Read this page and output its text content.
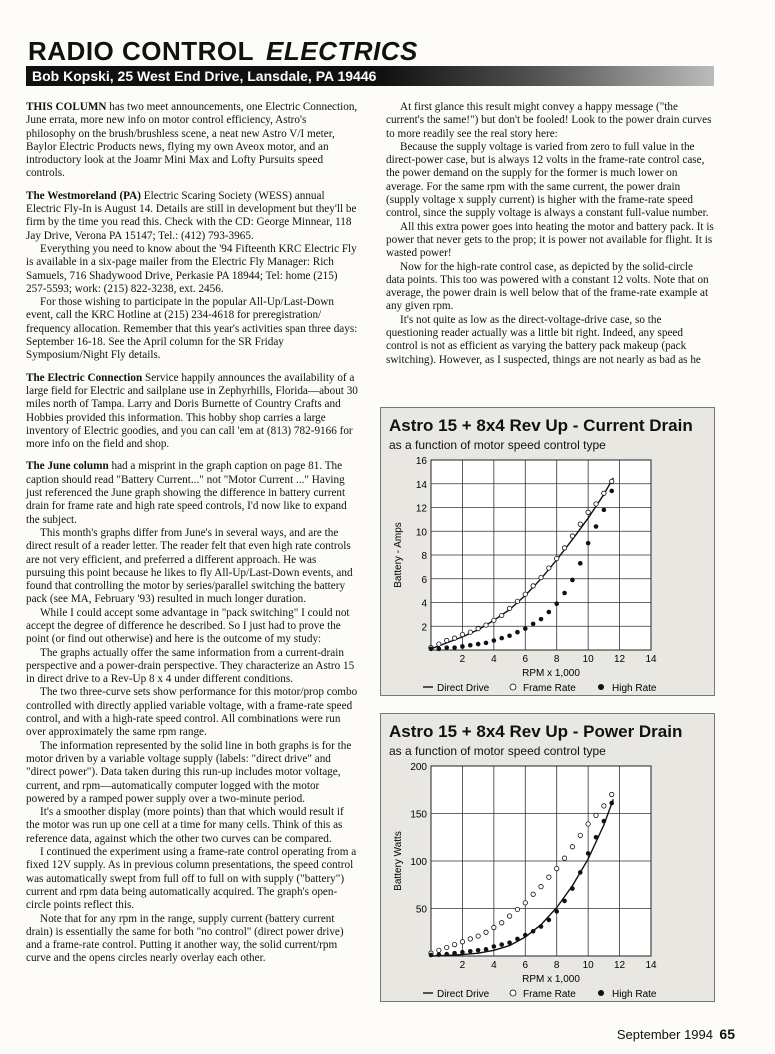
RADIO CONTROL ELECTRICS
Bob Kopski, 25 West End Drive, Lansdale, PA 19446

THIS COLUMN has two meet announcements, one Electric Connection, June errata, more new info on motor control efficiency, Astro's philosophy on the brush/brushless scene, a neat new Astro V/I meter, Baylor Electric Products news, flying my own Aveox motor, and an introductory look at the Joamr Mini Max and Lofty Pursuits speed controls.

The Westmoreland (PA) Electric Scaring Society (WESS) annual Electric Fly-In is August 14. Details are still in development but they'll be firm by the time you read this. Check with the CD: George Minnear, 118 Jay Drive, Verona PA 15147; Tel.: (412) 793-3965.

Everything you need to know about the '94 Fifteenth KRC Electric Fly is available in a six-page mailer from the Electric Fly Manager: Rich Samuels, 716 Shadywood Drive, Perkasie PA 18944; Tel: home (215) 257-5593; work: (215) 822-3238, ext. 2456.

For those wishing to participate in the popular All-Up/Last-Down event, call the KRC Hotline at (215) 234-4618 for preregistration/ frequency allocation. Remember that this year's activities span three days: September 16-18. See the April column for the SR Friday Symposium/Night Fly details.

The Electric Connection Service happily announces the availability of a large field for Electric and sailplane use in Zephyrhills, Florida—about 30 miles north of Tampa. Larry and Doris Burnette of Country Crafts and Hobbies provided this information. This hobby shop carries a large inventory of Electric goodies, and you can call 'em at (813) 782-9166 for more info on the field and shop.

The June column had a misprint in the graph caption on page 81. The caption should read "Battery Current..." not "Motor Current ..." Having just referenced the June graph showing the difference in battery current drain for frame rate and high rate speed controls, I'd now like to expand the subject.

This month's graphs differ from June's in several ways, and are the direct result of a reader letter. The reader felt that even high rate controls are not very efficient, and preferred a different approach. He was pursuing this point because he likes to fly All-Up/Last-Down events, and found that controlling the motor by series/parallel switching the battery pack (see MA, February '93) resulted in much longer duration.

While I could accept some advantage in "pack switching" I could not accept the degree of difference he described. So I just had to prove the point (or find out otherwise) and here is the outcome of my study:

The graphs actually offer the same information from a current-drain perspective and a power-drain perspective. They characterize an Astro 15 in direct drive to a Rev-Up 8 x 4 under different conditions.

The two three-curve sets show performance for this motor/prop combo controlled with directly applied variable voltage, with a frame-rate speed control, and with a high-rate speed control. All combinations were run over approximately the same rpm range.

The information represented by the solid line in both graphs is for the motor driven by a variable voltage supply (labels: "direct drive" and "direct power"). Data taken during this run-up includes motor voltage, current, and rpm—automatically computer logged with the motor powered by a ramped power supply over a two-minute period.

It's a smoother display (more points) than that which would result if the motor was run up one cell at a time for many cells. Think of this as reference data, against which the other two curves can be compared.

I continued the experiment using a frame-rate control operating from a fixed 12V supply. As in previous column presentations, the speed control was automatically swept from full off to full on with supply ("battery") current and rpm data being automatically acquired. The graph's open-circle points reflect this.

Note that for any rpm in the range, supply current (battery current drain) is essentially the same for both "no control" (direct power drive) and a frame-rate control. Putting it another way, the solid current/rpm curve and the opens circles nearly overlay each other.

At first glance this result might convey a happy message ("the current's the same!") but don't be fooled! Look to the power drain curves to more readily see the real story here:

Because the supply voltage is varied from zero to full value in the direct-power case, but is always 12 volts in the frame-rate control case, the power demand on the supply for the former is much lower on average. For the same rpm with the same current, the power drain (supply voltage x supply current) is higher with the frame-rate speed control, since the supply voltage is always a constant full-value number.

All this extra power goes into heating the motor and battery pack. It is power that never gets to the prop; it is power not available for flight. It is wasted power!

Now for the high-rate control case, as depicted by the solid-circle data points. This too was powered with a constant 12 volts. Note that on average, the power drain is well below that of the frame-rate example at any given rpm.

It's not quite as low as the direct-voltage-drive case, so the questioning reader actually was a little bit right. Indeed, any speed control is not as efficient as varying the battery pack makeup (pack switching). However, as I suspected, things are not nearly as bad as he

Astro 15 + 8x4 Rev Up - Current Drain
as a function of motor speed control type
2	4	6	8 10 12 14
2
4
6
8
10
12
14
16
RPM x 1,000
Battery - Amps
Direct Drive	Frame Rate	High Rate
Astro 15 + 8x4 Rev Up - Power Drain
as a function of motor speed control type
2	4	6	8 10 12 14
50
100
150
200
RPM x 1,000
Battery Watts
Direct Drive	Frame Rate	High Rate
September 1994 65
